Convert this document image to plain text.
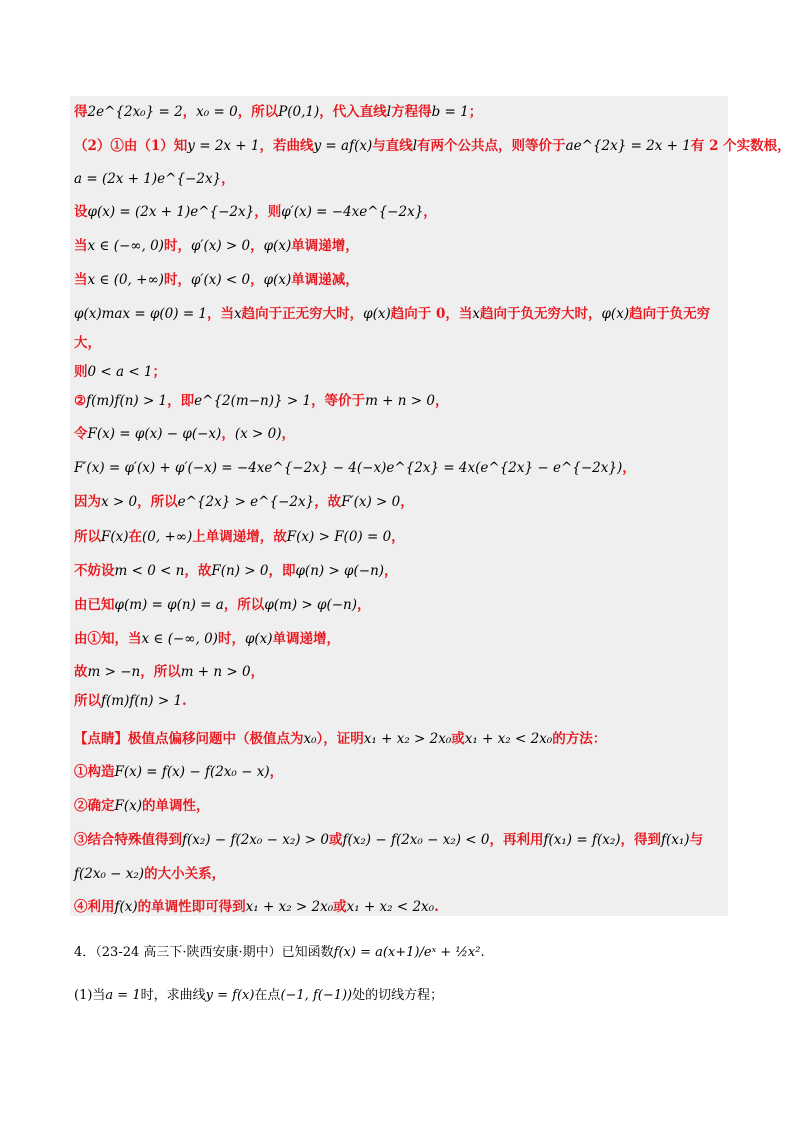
得2e^{2x₀} = 2，x₀ = 0，所以P(0,1)，代入直线l方程得b = 1；
（2）①由（1）知y = 2x + 1，若曲线y = af(x)与直线l有两个公共点，则等价于ae^{2x} = 2x + 1有 2 个实数根，
a = (2x + 1)e^{−2x}，
设φ(x) = (2x + 1)e^{−2x}，则φ′(x) = −4xe^{−2x}，
当x ∈ (−∞, 0)时，φ′(x) > 0，φ(x)单调递增，
当x ∈ (0, +∞)时，φ′(x) < 0，φ(x)单调递减，
φ(x)max = φ(0) = 1，当x趋向于正无穷大时，φ(x)趋向于 0，当x趋向于负无穷大时，φ(x)趋向于负无穷
大，
则0 < a < 1；
②f(m)f(n) > 1，即e^{2(m−n)} > 1，等价于m + n > 0，
令F(x) = φ(x) − φ(−x)，(x > 0)，
F′(x) = φ′(x) + φ′(−x) = −4xe^{−2x} − 4(−x)e^{2x} = 4x(e^{2x} − e^{−2x})，
因为x > 0，所以e^{2x} > e^{−2x}，故F′(x) > 0，
所以F(x)在(0, +∞)上单调递增，故F(x) > F(0) = 0，
不妨设m < 0 < n，故F(n) > 0，即φ(n) > φ(−n)，
由已知φ(m) = φ(n) = a，所以φ(m) > φ(−n)，
由①知，当x ∈ (−∞, 0)时，φ(x)单调递增，
故m > −n，所以m + n > 0，
所以f(m)f(n) > 1.
【点睛】极值点偏移问题中（极值点为x₀），证明x₁ + x₂ > 2x₀或x₁ + x₂ < 2x₀的方法：
①构造F(x) = f(x) − f(2x₀ − x)，
②确定F(x)的单调性，
③结合特殊值得到f(x₂) − f(2x₀ − x₂) > 0或f(x₂) − f(2x₀ − x₂) < 0，再利用f(x₁) = f(x₂)，得到f(x₁)与
f(2x₀ − x₂)的大小关系，
④利用f(x)的单调性即可得到x₁ + x₂ > 2x₀或x₁ + x₂ < 2x₀.
4．（23-24 高三下·陕西安康·期中）已知函数f(x) = a(x+1)/eˣ + ½x².
(1)当a = 1时，求曲线y = f(x)在点(−1, f(−1))处的切线方程；
